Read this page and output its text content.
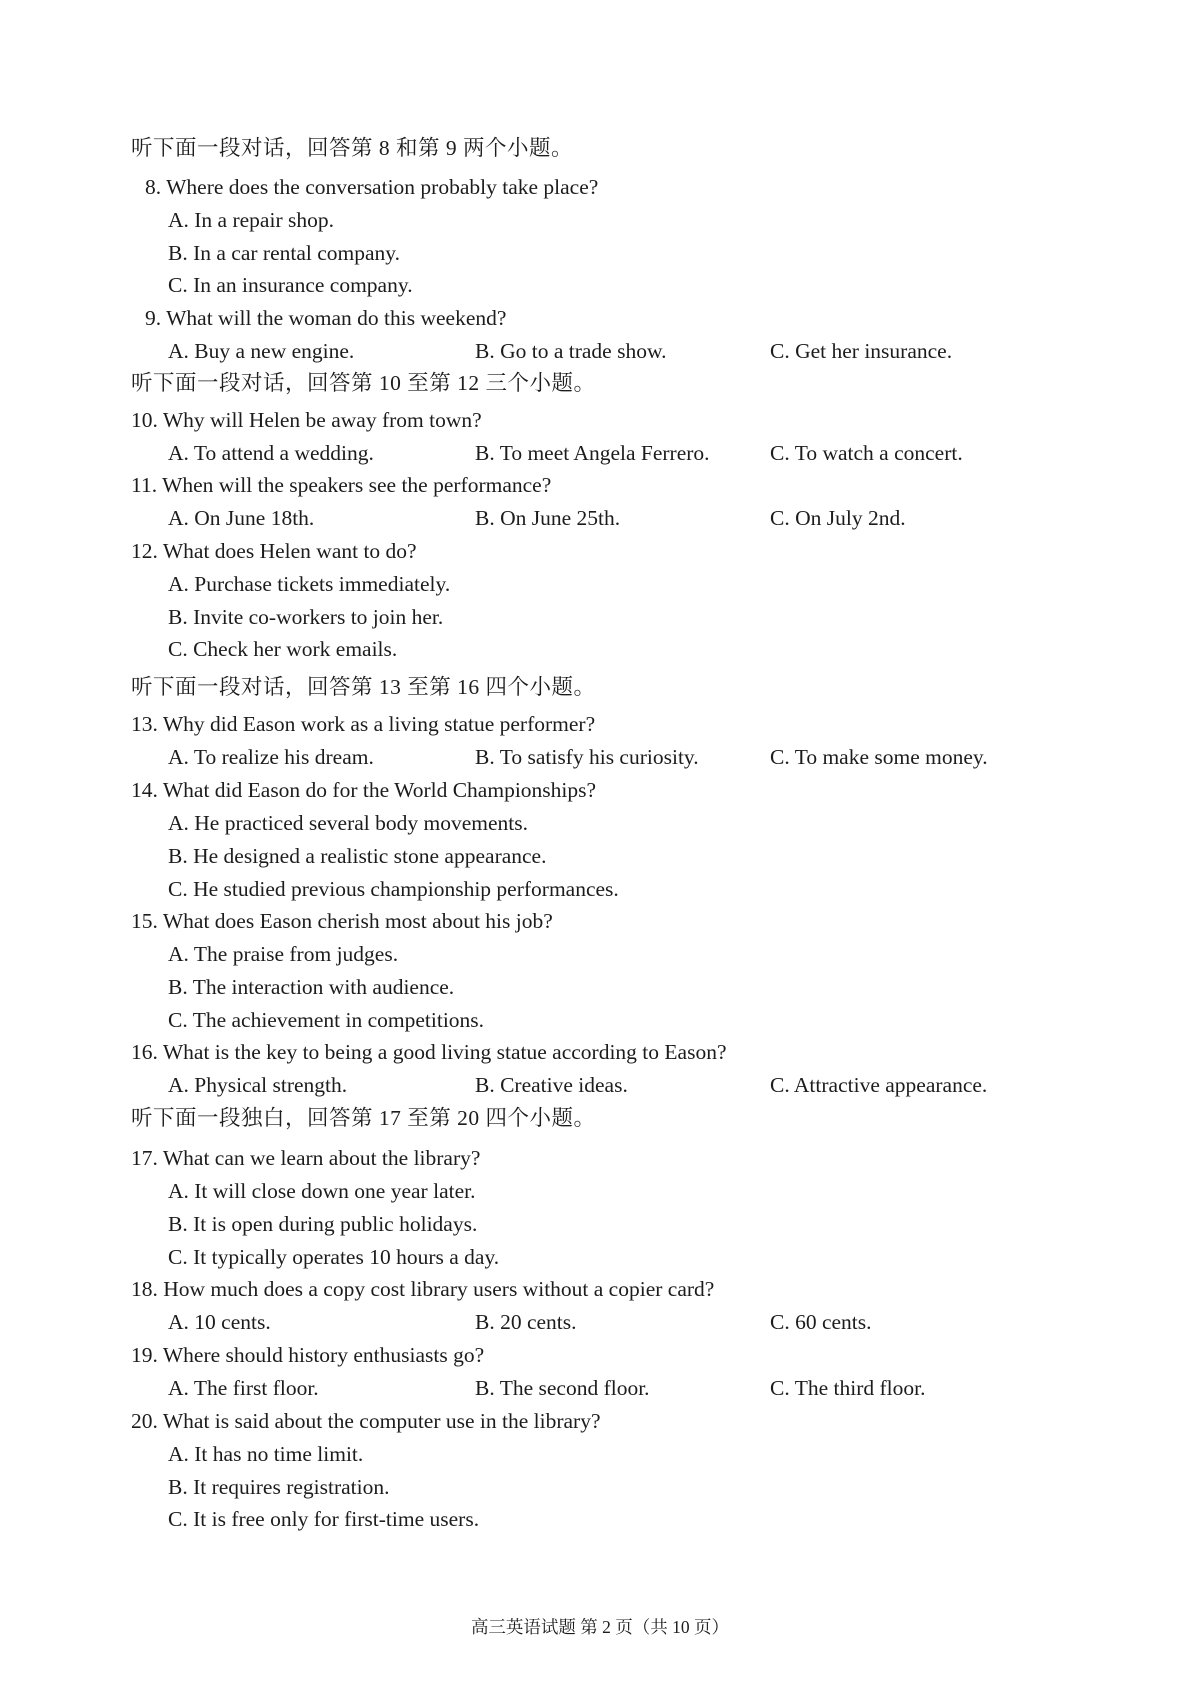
听下面一段对话，回答第 8 和第 9 两个小题。
8. Where does the conversation probably take place?
A. In a repair shop.
B. In a car rental company.
C. In an insurance company.
9. What will the woman do this weekend?
A. Buy a new engine.	B. Go to a trade show.	C. Get her insurance.
听下面一段对话，回答第 10 至第 12 三个小题。
10. Why will Helen be away from town?
A. To attend a wedding.	B. To meet Angela Ferrero.	C. To watch a concert.
11. When will the speakers see the performance?
A. On June 18th.	B. On June 25th.	C. On July 2nd.
12. What does Helen want to do?
A. Purchase tickets immediately.
B. Invite co-workers to join her.
C. Check her work emails.
听下面一段对话，回答第 13 至第 16 四个小题。
13. Why did Eason work as a living statue performer?
A. To realize his dream.	B. To satisfy his curiosity.	C. To make some money.
14. What did Eason do for the World Championships?
A. He practiced several body movements.
B. He designed a realistic stone appearance.
C. He studied previous championship performances.
15. What does Eason cherish most about his job?
A. The praise from judges.
B. The interaction with audience.
C. The achievement in competitions.
16. What is the key to being a good living statue according to Eason?
A. Physical strength.	B. Creative ideas.	C. Attractive appearance.
听下面一段独白，回答第 17 至第 20 四个小题。
17. What can we learn about the library?
A. It will close down one year later.
B. It is open during public holidays.
C. It typically operates 10 hours a day.
18. How much does a copy cost library users without a copier card?
A. 10 cents.	B. 20 cents.	C. 60 cents.
19. Where should history enthusiasts go?
A. The first floor.	B. The second floor.	C. The third floor.
20. What is said about the computer use in the library?
A. It has no time limit.
B. It requires registration.
C. It is free only for first-time users.
高三英语试题 第 2 页（共 10 页）
